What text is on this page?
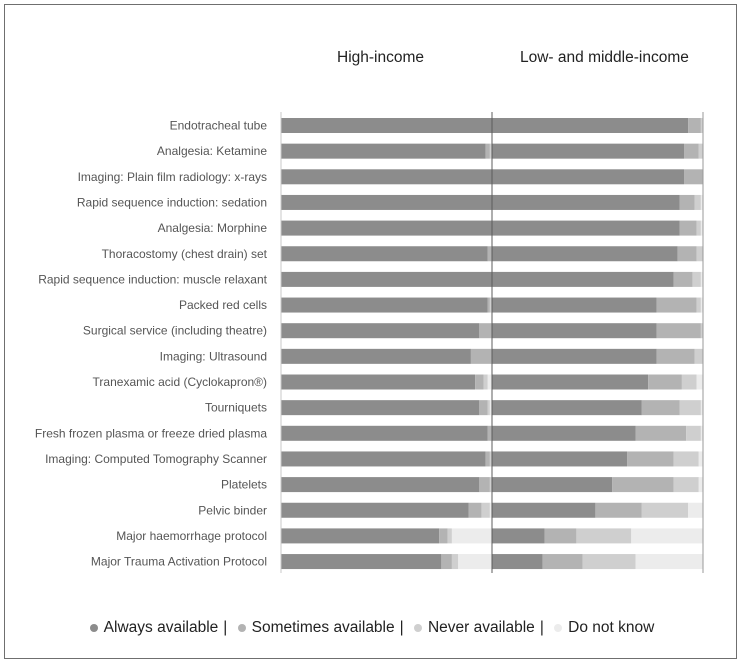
High-income	Low- and middle-income
Endotracheal tube
Analgesia: Ketamine
Imaging: Plain film radiology: x-rays
Rapid sequence induction: sedation
Analgesia: Morphine
Thoracostomy (chest drain) set
Rapid sequence induction: muscle relaxant
Packed red cells
Surgical service (including theatre)
Imaging: Ultrasound
Tranexamic acid (Cyclokapron®)
Tourniquets
Fresh frozen plasma or freeze dried plasma
Imaging: Computed Tomography Scanner
Platelets
Pelvic binder
Major haemorrhage protocol
Major Trauma Activation Protocol
Always available | Sometimes available | Never available | Do not know
